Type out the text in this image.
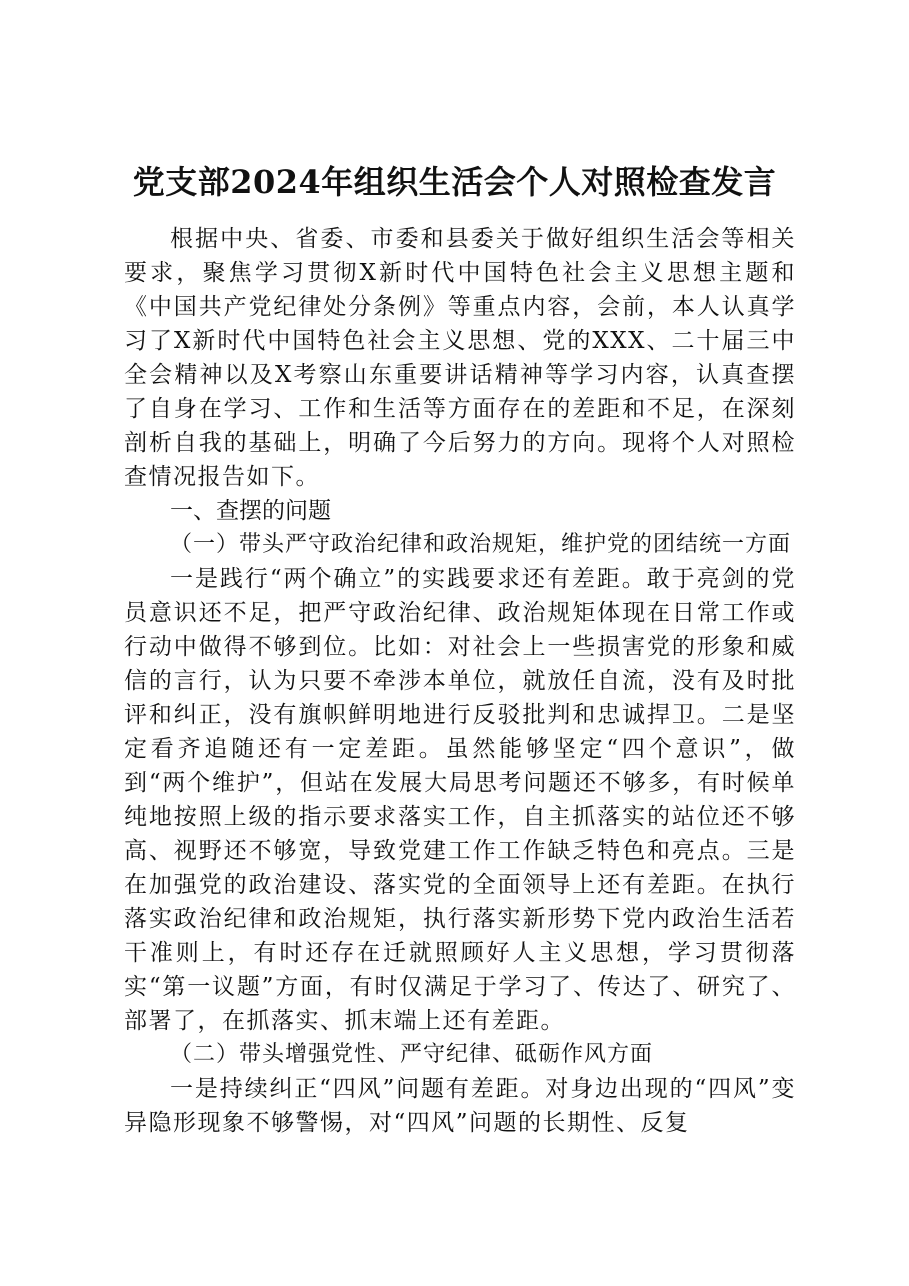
党支部2024年组织生活会个人对照检查发言

根据中央、省委、市委和县委关于做好组织生活会等相关要求，聚焦学习贯彻X新时代中国特色社会主义思想主题和《中国共产党纪律处分条例》等重点内容，会前，本人认真学习了X新时代中国特色社会主义思想、党的XXX、二十届三中全会精神以及X考察山东重要讲话精神等学习内容，认真查摆了自身在学习、工作和生活等方面存在的差距和不足，在深刻剖析自我的基础上，明确了今后努力的方向。现将个人对照检查情况报告如下。

一、查摆的问题

（一）带头严守政治纪律和政治规矩，维护党的团结统一方面

一是践行“两个确立”的实践要求还有差距。敢于亮剑的党员意识还不足，把严守政治纪律、政治规矩体现在日常工作或行动中做得不够到位。比如：对社会上一些损害党的形象和威信的言行，认为只要不牵涉本单位，就放任自流，没有及时批评和纠正，没有旗帜鲜明地进行反驳批判和忠诚捍卫。二是坚定看齐追随还有一定差距。虽然能够坚定“四个意识”，做到“两个维护”，但站在发展大局思考问题还不够多，有时候单纯地按照上级的指示要求落实工作，自主抓落实的站位还不够高、视野还不够宽，导致党建工作工作缺乏特色和亮点。三是在加强党的政治建设、落实党的全面领导上还有差距。在执行落实政治纪律和政治规矩，执行落实新形势下党内政治生活若干准则上，有时还存在迁就照顾好人主义思想，学习贯彻落实“第一议题”方面，有时仅满足于学习了、传达了、研究了、部署了，在抓落实、抓末端上还有差距。

（二）带头增强党性、严守纪律、砥砺作风方面

一是持续纠正“四风”问题有差距。对身边出现的“四风”变异隐形现象不够警惕，对“四风”问题的长期性、反复
